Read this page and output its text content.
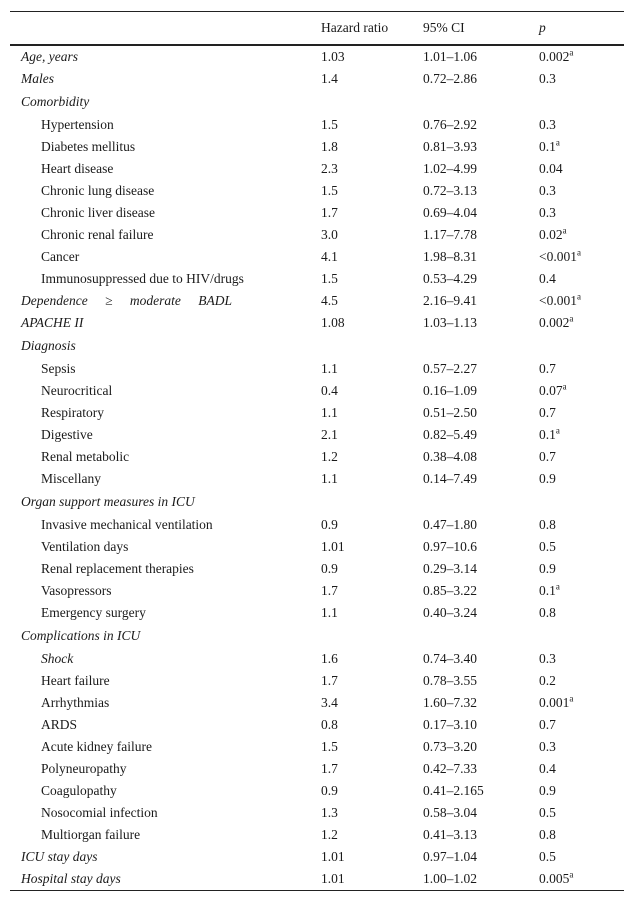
	Hazard ratio	95% CI	p
Age, years	1.03	1.01–1.06	0.002$^a$
Males	1.4	0.72–2.86	0.3
Comorbidity			
Hypertension	1.5	0.76–2.92	0.3
Diabetes mellitus	1.8	0.81–3.93	0.1$^a$
Heart disease	2.3	1.02–4.99	0.04
Chronic lung disease	1.5	0.72–3.13	0.3
Chronic liver disease	1.7	0.69–4.04	0.3
Chronic renal failure	3.0	1.17–7.78	0.02$^a$
Cancer	4.1	1.98–8.31	<0.001$^a$
Immunosuppressed due to HIV/drugs	1.5	0.53–4.29	0.4
Dependence ≥ moderate BADL	4.5	2.16–9.41	<0.001$^a$
APACHE II	1.08	1.03–1.13	0.002$^a$
Diagnosis			
Sepsis	1.1	0.57–2.27	0.7
Neurocritical	0.4	0.16–1.09	0.07$^a$
Respiratory	1.1	0.51–2.50	0.7
Digestive	2.1	0.82–5.49	0.1$^a$
Renal metabolic	1.2	0.38–4.08	0.7
Miscellany	1.1	0.14–7.49	0.9
Organ support measures in ICU			
Invasive mechanical ventilation	0.9	0.47–1.80	0.8
Ventilation days	1.01	0.97–10.6	0.5
Renal replacement therapies	0.9	0.29–3.14	0.9
Vasopressors	1.7	0.85–3.22	0.1$^a$
Emergency surgery	1.1	0.40–3.24	0.8
Complications in ICU			
Shock	1.6	0.74–3.40	0.3
Heart failure	1.7	0.78–3.55	0.2
Arrhythmias	3.4	1.60–7.32	0.001$^a$
ARDS	0.8	0.17–3.10	0.7
Acute kidney failure	1.5	0.73–3.20	0.3
Polyneuropathy	1.7	0.42–7.33	0.4
Coagulopathy	0.9	0.41–2.165	0.9
Nosocomial infection	1.3	0.58–3.04	0.5
Multiorgan failure	1.2	0.41–3.13	0.8
ICU stay days	1.01	0.97–1.04	0.5
Hospital stay days	1.01	1.00–1.02	0.005$^a$
